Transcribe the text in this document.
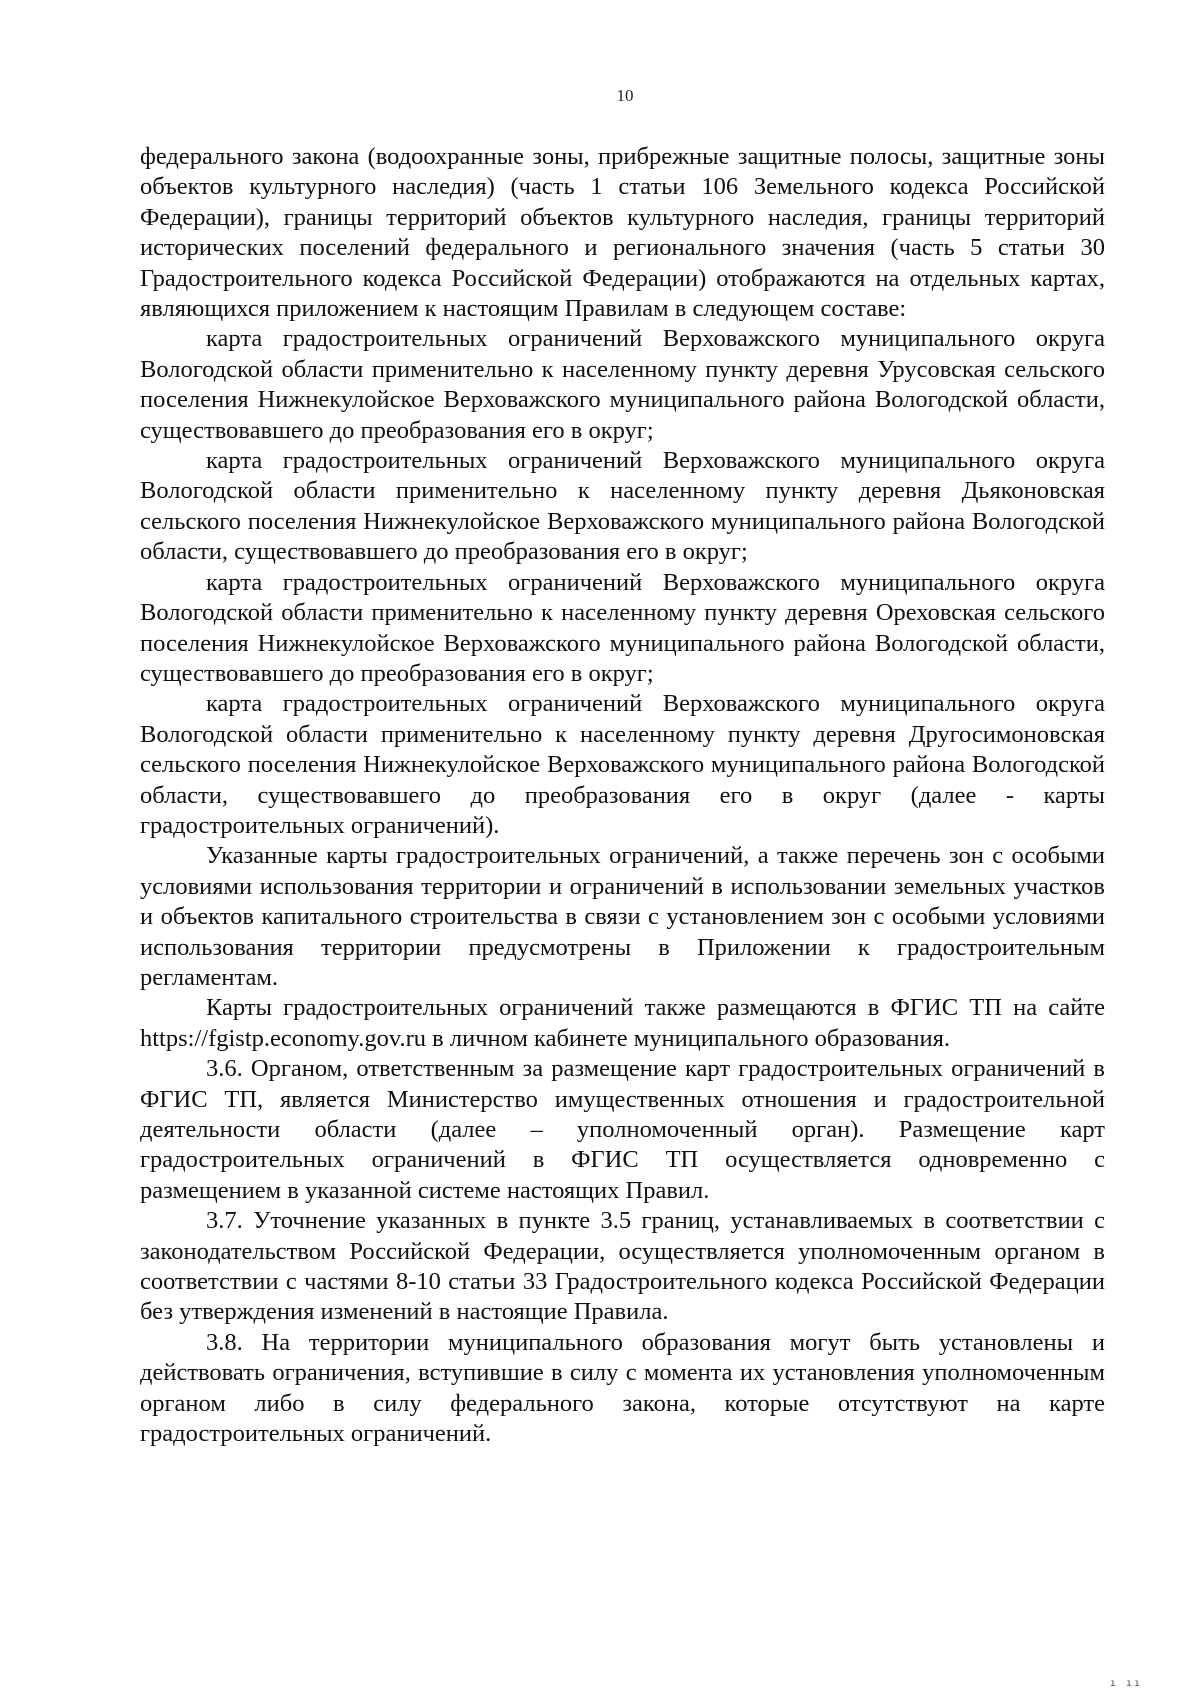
10

федерального закона (водоохранные зоны, прибрежные защитные полосы, защитные зоны объектов культурного наследия) (часть 1 статьи 106 Земельного кодекса Российской Федерации), границы территорий объектов культурного наследия, границы территорий исторических поселений федерального и регионального значения (часть 5 статьи 30 Градостроительного кодекса Российской Федерации) отображаются на отдельных картах, являющихся приложением к настоящим Правилам в следующем составе:

карта градостроительных ограничений Верховажского муниципального округа Вологодской области применительно к населенному пункту деревня Урусовская сельского поселения Нижнекулойское Верховажского муниципального района Вологодской области, существовавшего до преобразования его в округ;

карта градостроительных ограничений Верховажского муниципального округа Вологодской области применительно к населенному пункту деревня Дьяконовская сельского поселения Нижнекулойское Верховажского муниципального района Вологодской области, существовавшего до преобразования его в округ;

карта градостроительных ограничений Верховажского муниципального округа Вологодской области применительно к населенному пункту деревня Ореховская сельского поселения Нижнекулойское Верховажского муниципального района Вологодской области, существовавшего до преобразования его в округ;

карта градостроительных ограничений Верховажского муниципального округа Вологодской области применительно к населенному пункту деревня Другосимоновская сельского поселения Нижнекулойское Верховажского муниципального района Вологодской области, существовавшего до преобразования его в округ (далее - карты градостроительных ограничений).

Указанные карты градостроительных ограничений, а также перечень зон с особыми условиями использования территории и ограничений в использовании земельных участков и объектов капитального строительства в связи с установлением зон с особыми условиями использования территории предусмотрены в Приложении к градостроительным регламентам.

Карты градостроительных ограничений также размещаются в ФГИС ТП на сайте https://fgistp.economy.gov.ru в личном кабинете муниципального образования.

3.6. Органом, ответственным за размещение карт градостроительных ограничений в ФГИС ТП, является Министерство имущественных отношения и градостроительной деятельности области (далее – уполномоченный орган). Размещение карт градостроительных ограничений в ФГИС ТП осуществляется одновременно с размещением в указанной системе настоящих Правил.

3.7. Уточнение указанных в пункте 3.5 границ, устанавливаемых в соответствии с законодательством Российской Федерации, осуществляется уполномоченным органом в соответствии с частями 8-10 статьи 33 Градостроительного кодекса Российской Федерации без утверждения изменений в настоящие Правила.

3.8. На территории муниципального образования могут быть установлены и действовать ограничения, вступившие в силу с момента их установления уполномоченным органом либо в силу федерального закона, которые отсутствуют на карте градостроительных ограничений.

ı ıı
